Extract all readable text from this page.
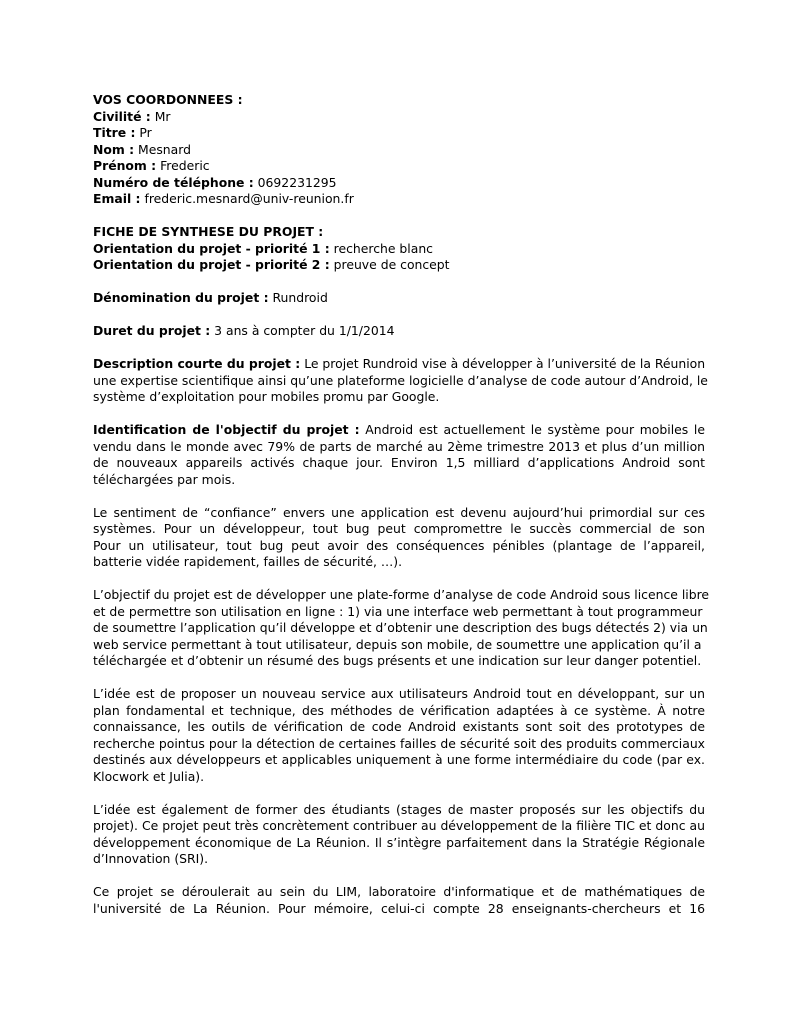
VOS COORDONNEES :
Civilité : Mr
Titre : Pr
Nom : Mesnard
Prénom : Frederic
Numéro de téléphone : 0692231295
Email : frederic.mesnard@univ-reunion.fr
FICHE DE SYNTHESE DU PROJET :
Orientation du projet - priorité 1 : recherche blanc
Orientation du projet - priorité 2 : preuve de concept
Dénomination du projet : Rundroid
Duret du projet : 3 ans à compter du 1/1/2014
Description courte du projet : Le projet Rundroid vise à développer à l’université de la Réunion
une expertise scientifique ainsi qu’une plateforme logicielle d’analyse de code autour d’Android, le
système d’exploitation pour mobiles promu par Google.
Identification de l'objectif du projet : Android est actuellement le système pour mobiles le
vendu dans le monde avec 79% de parts de marché au 2ème trimestre 2013 et plus d’un million
de nouveaux appareils activés chaque jour. Environ 1,5 milliard d’applications Android sont
téléchargées par mois.
Le sentiment de “confiance” envers une application est devenu aujourd’hui primordial sur ces
systèmes. Pour un développeur, tout bug peut compromettre le succès commercial de son
Pour un utilisateur, tout bug peut avoir des conséquences pénibles (plantage de l’appareil,
batterie vidée rapidement, failles de sécurité, …).
L’objectif du projet est de développer une plate-forme d’analyse de code Android sous licence libre
et de permettre son utilisation en ligne : 1) via une interface web permettant à tout programmeur
de soumettre l’application qu’il développe et d’obtenir une description des bugs détectés 2) via un
web service permettant à tout utilisateur, depuis son mobile, de soumettre une application qu’il a
téléchargée et d’obtenir un résumé des bugs présents et une indication sur leur danger potentiel.
L’idée est de proposer un nouveau service aux utilisateurs Android tout en développant, sur un
plan fondamental et technique, des méthodes de vérification adaptées à ce système. À notre
connaissance, les outils de vérification de code Android existants sont soit des prototypes de
recherche pointus pour la détection de certaines failles de sécurité soit des produits commerciaux
destinés aux développeurs et applicables uniquement à une forme intermédiaire du code (par ex.
Klocwork et Julia).
L’idée est également de former des étudiants (stages de master proposés sur les objectifs du
projet). Ce projet peut très concrètement contribuer au développement de la filière TIC et donc au
développement économique de La Réunion. Il s’intègre parfaitement dans la Stratégie Régionale
d’Innovation (SRI).
Ce projet se déroulerait au sein du LIM, laboratoire d'informatique et de mathématiques de
l'université de La Réunion. Pour mémoire, celui-ci compte 28 enseignants-chercheurs et 16
